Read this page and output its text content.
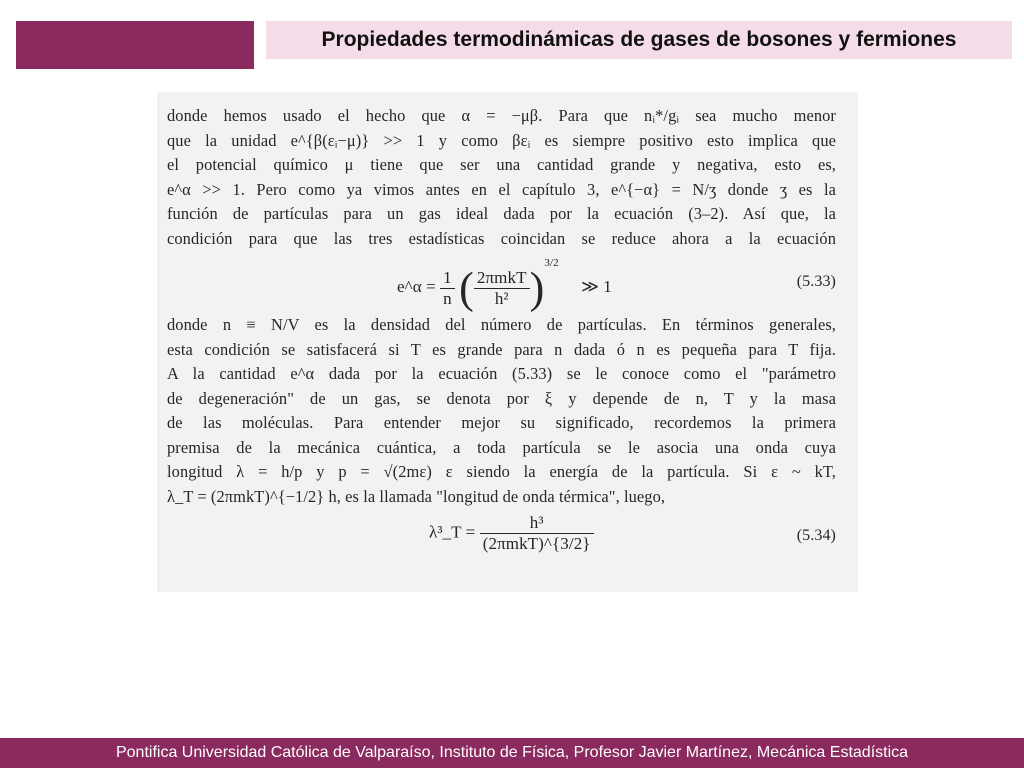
Propiedades termodinámicas de gases de bosones y fermiones
donde hemos usado el hecho que α = −μβ. Para que nᵢ*/gᵢ sea mucho menor
que la unidad e^{β(εᵢ−μ)} >> 1 y como βεᵢ es siempre positivo esto implica que
el potencial químico μ tiene que ser una cantidad grande y negativa, esto es,
e^α >> 1. Pero como ya vimos antes en el capítulo 3, e^{−α} = N/ʒ donde ʒ es la
función de partículas para un gas ideal dada por la ecuación (3–2). Así que, la
condición para que las tres estadísticas coincidan se reduce ahora a la ecuación
e^α = $\frac{1}{n}$ ( $\frac{\text{2πmkT}}{\text{h²}} )^{3/2}$ ≫ 1	(5.33)
donde n ≡ N/V es la densidad del número de partículas. En términos generales,
esta condición se satisfacerá si T es grande para n dada ó n es pequeña para T fija.
A la cantidad e^α dada por la ecuación (5.33) se le conoce como el "parámetro
de degeneración" de un gas, se denota por ξ y depende de n, T y la masa
de las moléculas. Para entender mejor su significado, recordemos la primera
premisa de la mecánica cuántica, a toda partícula se le asocia una onda cuya
longitud λ = h/p y p = √(2mε) ε siendo la energía de la partícula. Si ε ~ kT,
λ_T = (2πmkT)^{−1/2} h, es la llamada "longitud de onda térmica", luego,
λ³_T = $\frac{\text{h³}}{\text{(2πmkT)\textasciicircum{}\{3/2\}}}$	(5.34)
Pontifica Universidad Católica de Valparaíso, Instituto de Física, Profesor Javier Martínez, Mecánica Estadística
